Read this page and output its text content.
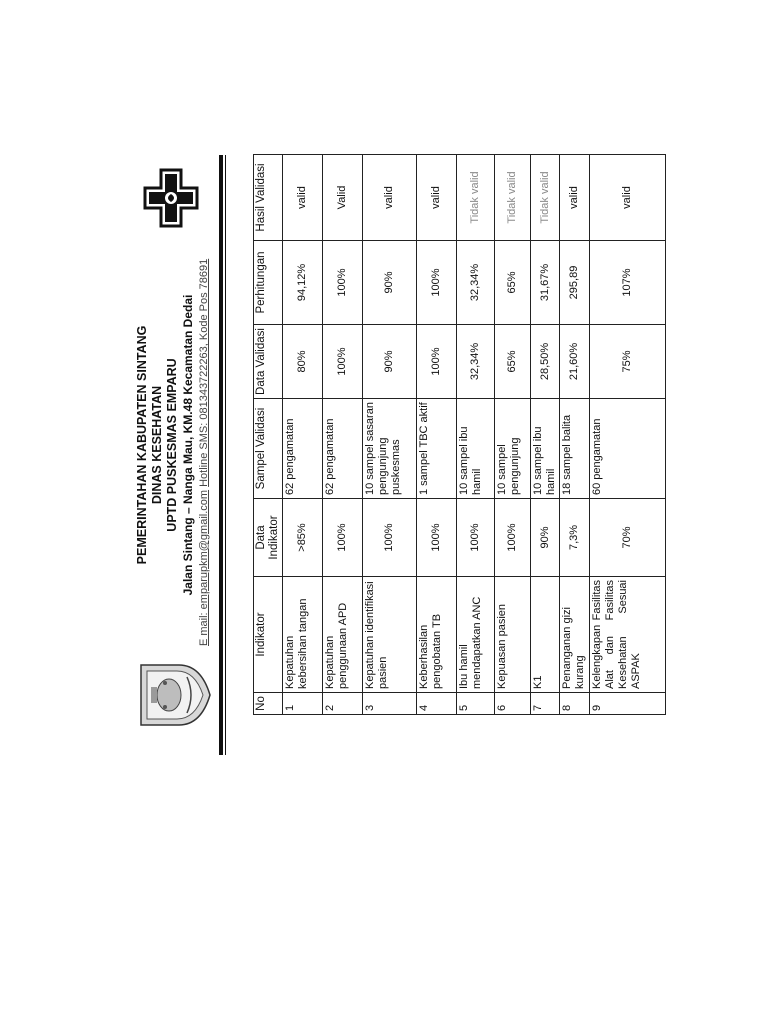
PEMERINTAHAN KABUPATEN SINTANG DINAS KESEHATAN UPTD PUSKESMAS EMPARU Jalan Sintang – Nanga Mau, KM.48 Kecamatan Dedai E mail: emparupkm@gmail.com Hotline SMS: 081343722263, Kode Pos 78691
No	Indikator	Data Indikator	Sampel Validasi	Data Validasi	Perhitungan	Hasil Validasi
1	Kepatuhan kebersihan tangan	>85%	62 pengamatan	80%	94,12%	valid
2	Kepatuhan penggunaan APD	100%	62 pengamatan	100%	100%	Valid
3	Kepatuhan identifikasi pasien	100%	10 sampel sasaran pengunjung puskesmas	90%	90%	valid
4	Keberhasilan pengobatan TB	100%	1 sampel TBC aktif	100%	100%	valid
5	Ibu hamil mendapatkan ANC	100%	10 sampel ibu hamil	32,34%	32,34%	Tidak valid
6	Kepuasan pasien	100%	10 sampel pengunjung	65%	65%	Tidak valid
7	K1	90%	10 sampel ibu hamil	28,50%	31,67%	Tidak valid
8	Penanganan gizi kurang	7,3%	18 sampel balita	21,60%	295,89	valid
9	Kelengkapan Fasilitas Alat dan Fasilitas Kesehatan Sesuai ASPAK	70%	60 pengamatan	75%	107%	valid
